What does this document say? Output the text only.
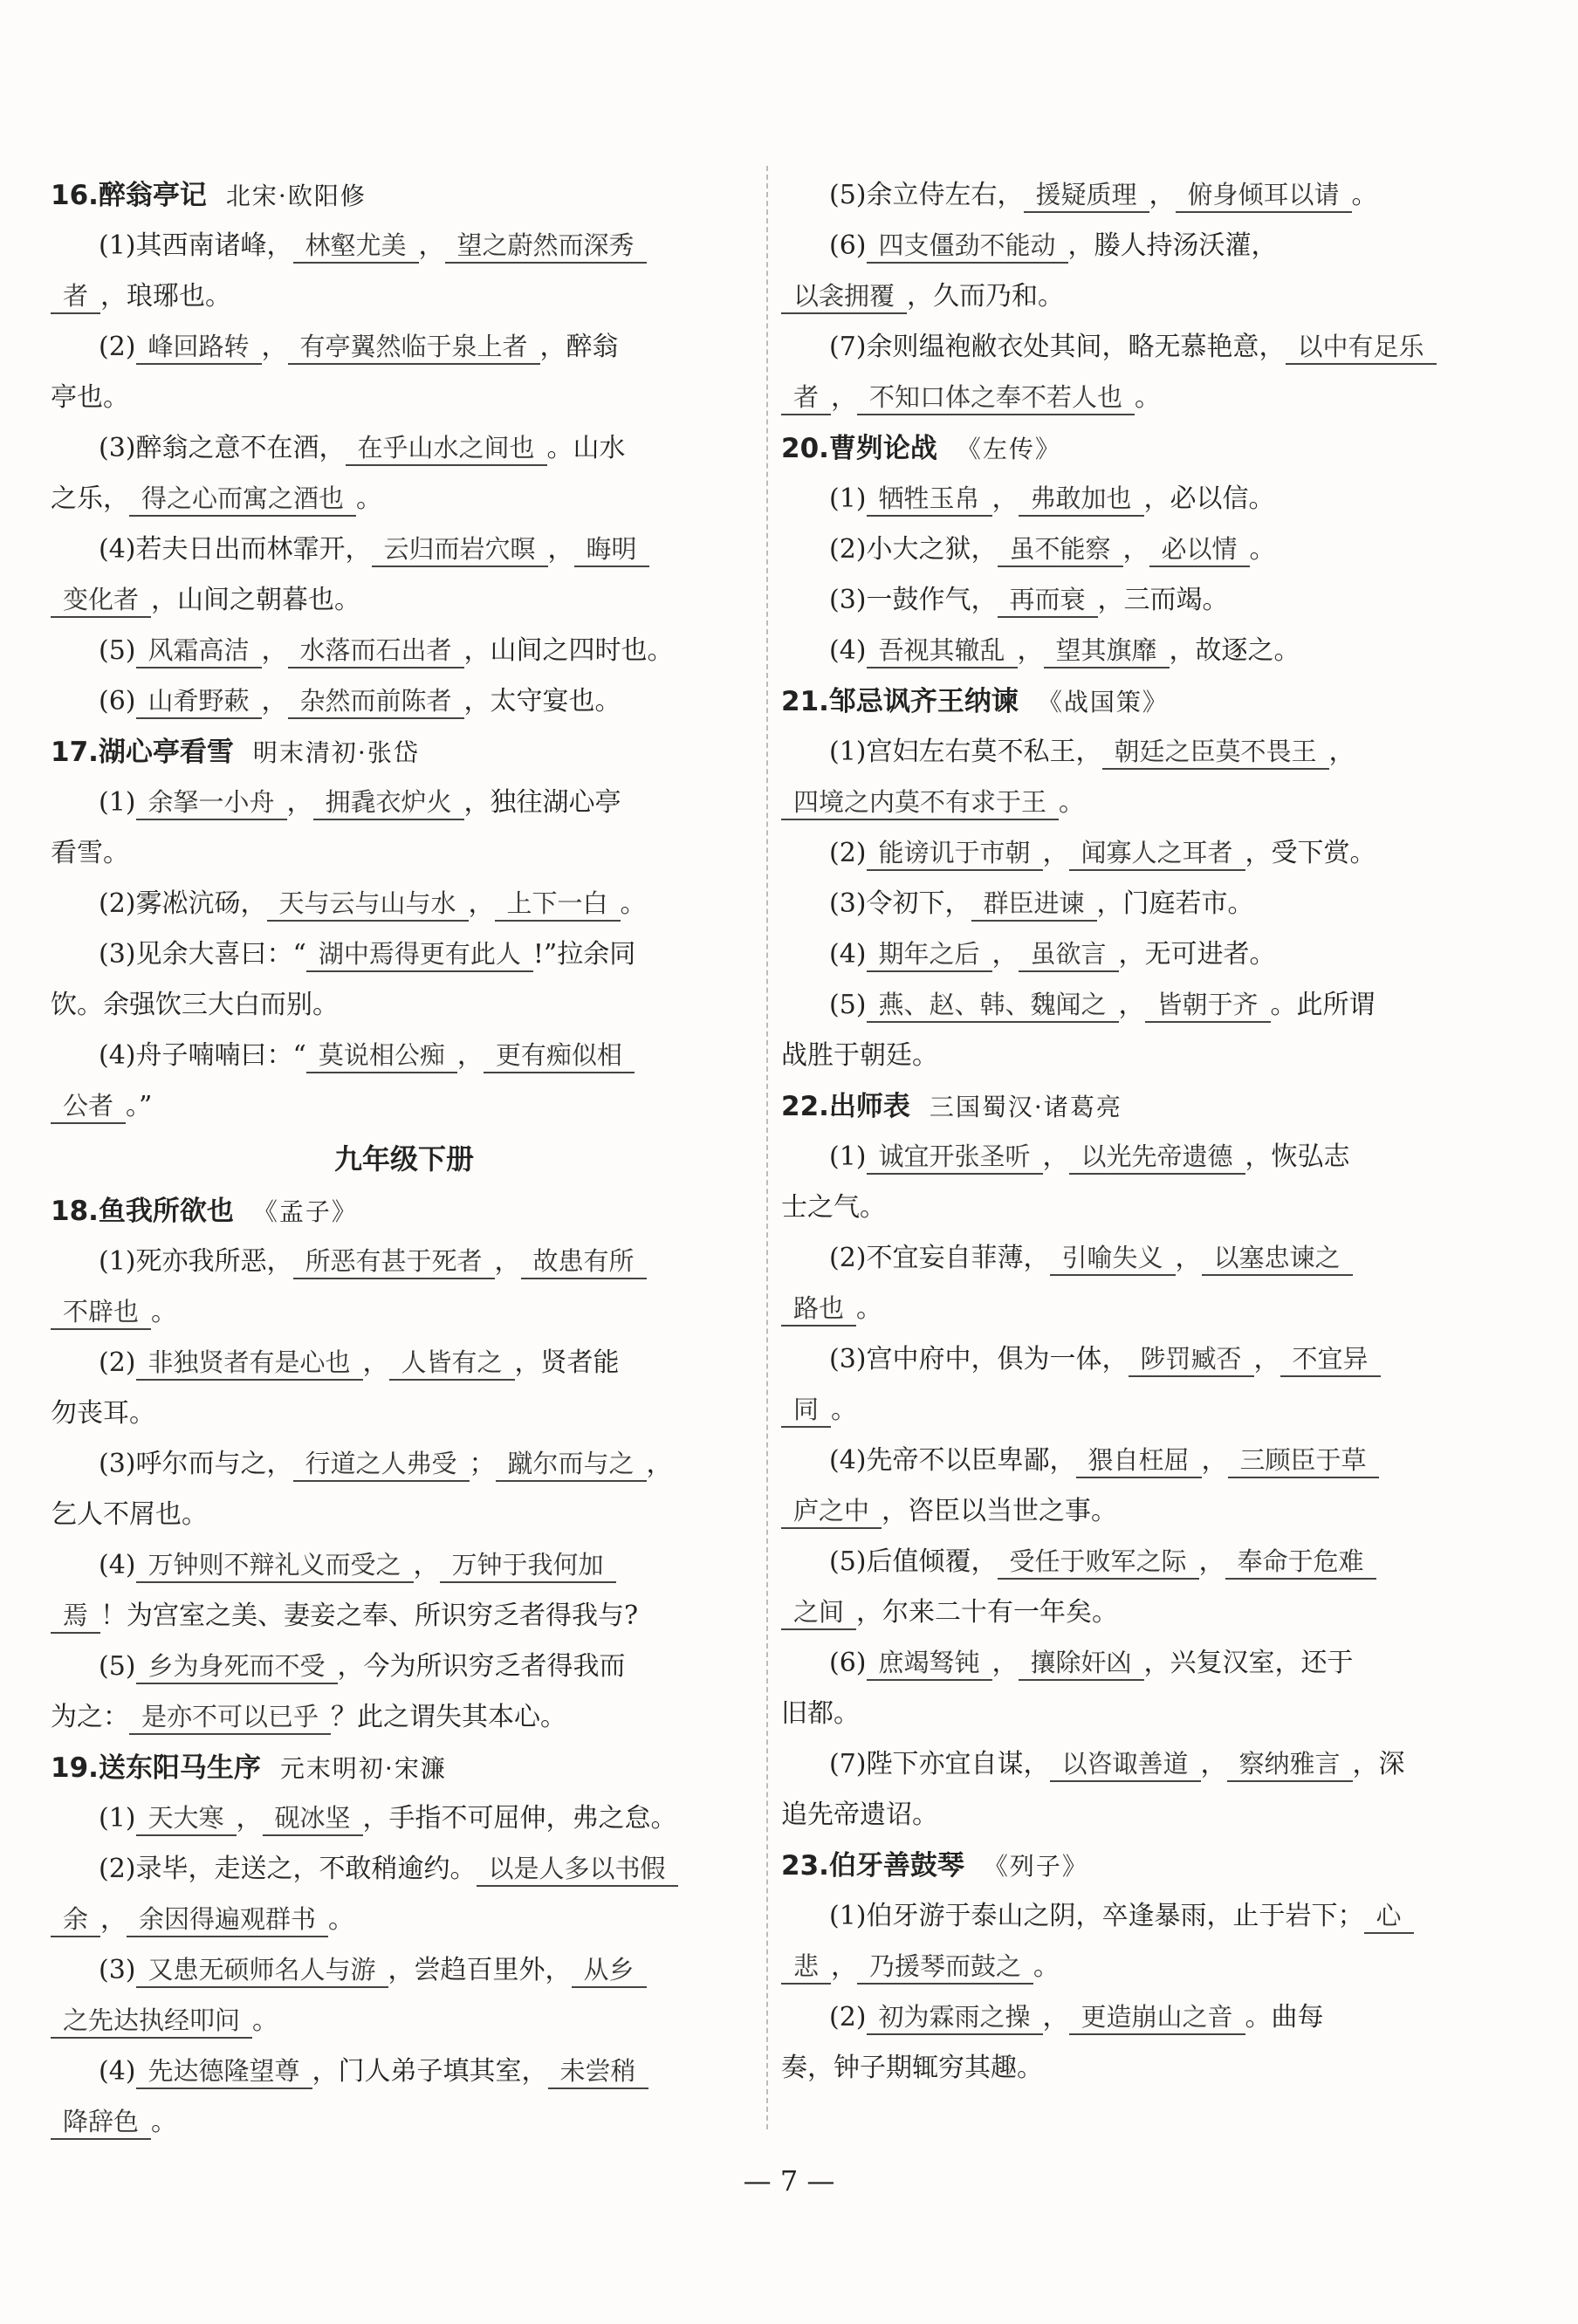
16.醉翁亭记 北宋·欧阳修
(1)其西南诸峰， 林壑尤美 ， 望之蔚然而深秀
者 ，琅琊也。
(2) 峰回路转 ， 有亭翼然临于泉上者 ，醉翁
亭也。
(3)醉翁之意不在酒， 在乎山水之间也 。山水
之乐， 得之心而寓之酒也 。
(4)若夫日出而林霏开， 云归而岩穴暝 ， 晦明
变化者 ，山间之朝暮也。
(5) 风霜高洁 ， 水落而石出者 ，山间之四时也。
(6) 山肴野蔌 ， 杂然而前陈者 ，太守宴也。
17.湖心亭看雪 明末清初·张岱
(1) 余拏一小舟 ， 拥毳衣炉火 ，独往湖心亭
看雪。
(2)雾凇沆砀， 天与云与山与水 ， 上下一白 。
(3)见余大喜曰：“ 湖中焉得更有此人 !”拉余同
饮。余强饮三大白而别。
(4)舟子喃喃曰：“ 莫说相公痴 ， 更有痴似相
公者 。”
九年级下册
18.鱼我所欲也 《孟子》
(1)死亦我所恶， 所恶有甚于死者 ， 故患有所
不辟也 。
(2) 非独贤者有是心也 ， 人皆有之 ，贤者能
勿丧耳。
(3)呼尔而与之， 行道之人弗受 ； 蹴尔而与之 ，
乞人不屑也。
(4) 万钟则不辩礼义而受之 ， 万钟于我何加
焉 ！为宫室之美、妻妾之奉、所识穷乏者得我与?
(5) 乡为身死而不受 ，今为所识穷乏者得我而
为之： 是亦不可以已乎 ？此之谓失其本心。
19.送东阳马生序 元末明初·宋濂
(1) 天大寒 ， 砚冰坚 ，手指不可屈伸，弗之怠。
(2)录毕，走送之，不敢稍逾约。 以是人多以书假
余 ， 余因得遍观群书 。
(3) 又患无硕师名人与游 ，尝趋百里外， 从乡
之先达执经叩问 。
(4) 先达德隆望尊 ，门人弟子填其室， 未尝稍
降辞色 。
(5)余立侍左右， 援疑质理 ， 俯身倾耳以请 。
(6) 四支僵劲不能动 ，媵人持汤沃灌，
以衾拥覆 ，久而乃和。
(7)余则缊袍敝衣处其间，略无慕艳意， 以中有足乐
者 ， 不知口体之奉不若人也 。
20.曹刿论战 《左传》
(1) 牺牲玉帛 ， 弗敢加也 ，必以信。
(2)小大之狱， 虽不能察 ， 必以情 。
(3)一鼓作气， 再而衰 ，三而竭。
(4) 吾视其辙乱 ， 望其旗靡 ，故逐之。
21.邹忌讽齐王纳谏 《战国策》
(1)宫妇左右莫不私王， 朝廷之臣莫不畏王 ，
四境之内莫不有求于王 。
(2) 能谤讥于市朝 ， 闻寡人之耳者 ，受下赏。
(3)令初下， 群臣进谏 ，门庭若市。
(4) 期年之后 ， 虽欲言 ，无可进者。
(5) 燕、赵、韩、魏闻之 ， 皆朝于齐 。此所谓
战胜于朝廷。
22.出师表 三国蜀汉·诸葛亮
(1) 诚宜开张圣听 ， 以光先帝遗德 ，恢弘志
士之气。
(2)不宜妄自菲薄， 引喻失义 ， 以塞忠谏之
路也 。
(3)宫中府中，俱为一体， 陟罚臧否 ， 不宜异
同 。
(4)先帝不以臣卑鄙， 猥自枉屈 ， 三顾臣于草
庐之中 ，咨臣以当世之事。
(5)后值倾覆， 受任于败军之际 ， 奉命于危难
之间 ，尔来二十有一年矣。
(6) 庶竭驽钝 ， 攘除奸凶 ，兴复汉室，还于
旧都。
(7)陛下亦宜自谋， 以咨诹善道 ， 察纳雅言 ，深
追先帝遗诏。
23.伯牙善鼓琴 《列子》
(1)伯牙游于泰山之阴，卒逢暴雨，止于岩下； 心
悲 ， 乃援琴而鼓之 。
(2) 初为霖雨之操 ， 更造崩山之音 。曲每
奏，钟子期辄穷其趣。
— 7 —
